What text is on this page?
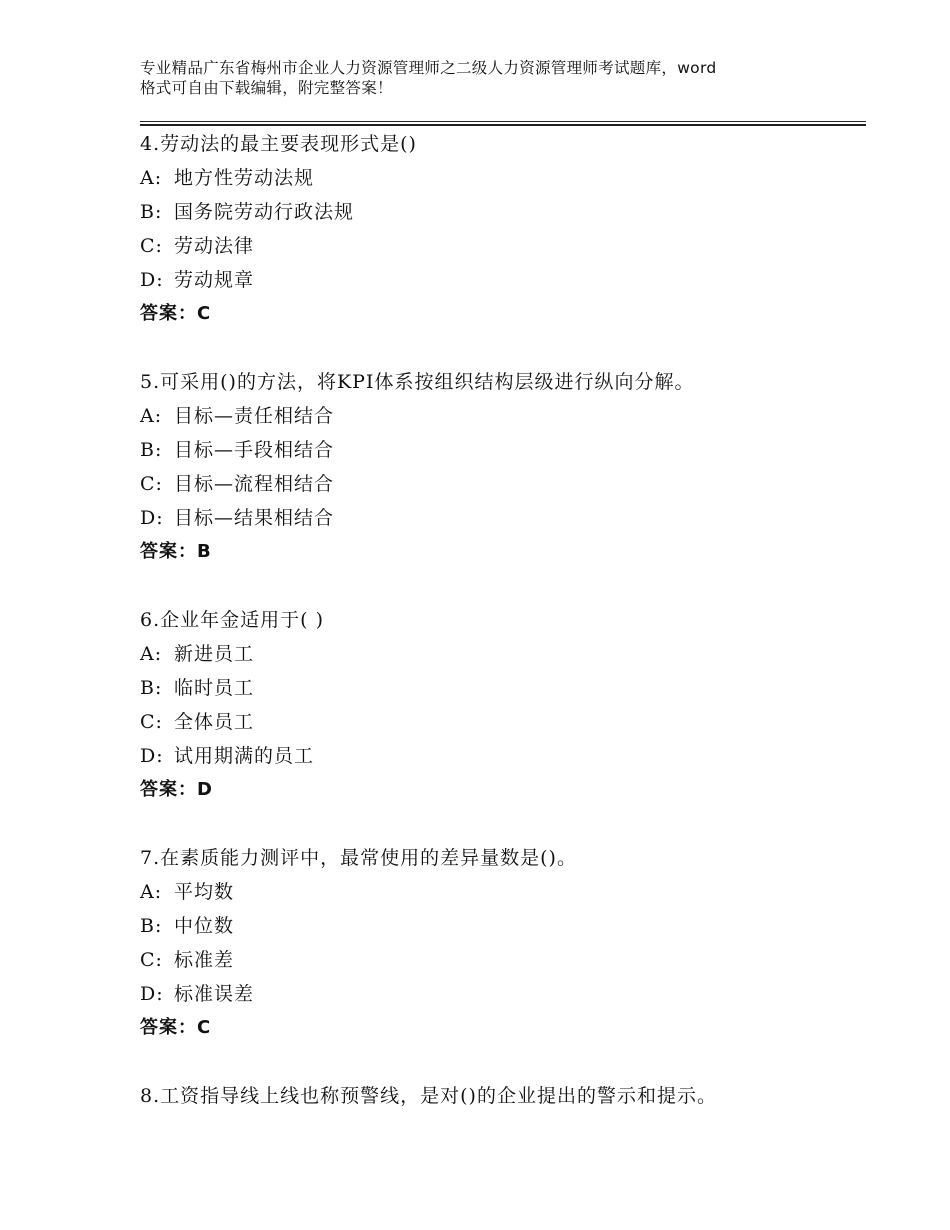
专业精品广东省梅州市企业人力资源管理师之二级人力资源管理师考试题库，word
格式可自由下载编辑，附完整答案！
4.劳动法的最主要表现形式是()
A: 地方性劳动法规
B: 国务院劳动行政法规
C: 劳动法律
D: 劳动规章
答案：C
5.可采用()的方法，将KPI体系按组织结构层级进行纵向分解。
A: 目标—责任相结合
B: 目标—手段相结合
C: 目标—流程相结合
D: 目标—结果相结合
答案：B
6.企业年金适用于( )
A: 新进员工
B: 临时员工
C: 全体员工
D: 试用期满的员工
答案：D
7.在素质能力测评中，最常使用的差异量数是()。
A: 平均数
B: 中位数
C: 标准差
D: 标准误差
答案：C
8.工资指导线上线也称预警线，是对()的企业提出的警示和提示。
